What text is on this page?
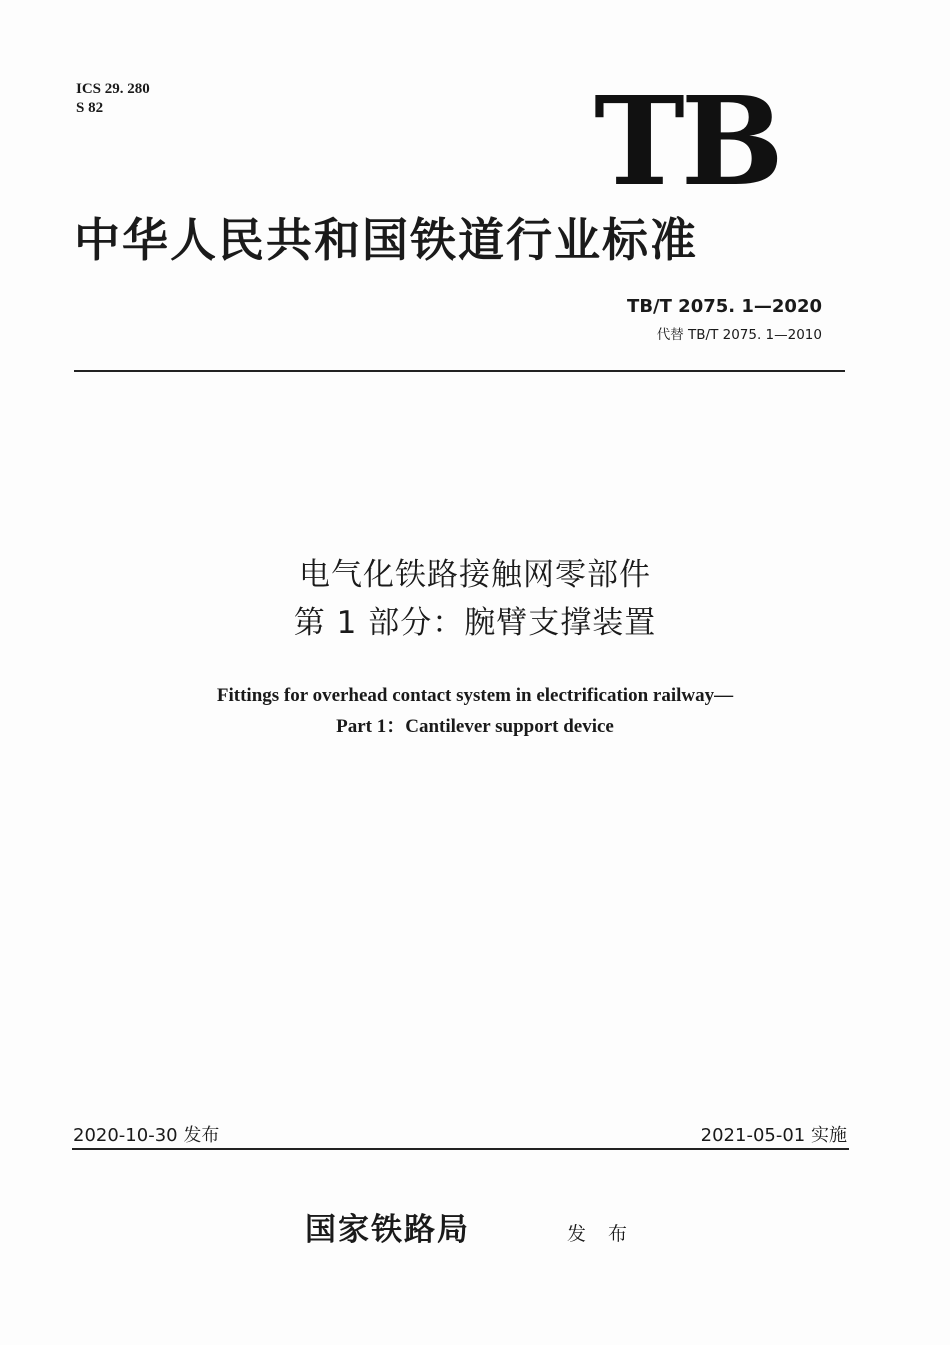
ICS 29. 280
S 82	TB
中华人民共和国铁道行业标准
TB/T 2075. 1—2020
代替 TB/T 2075. 1—2010
电气化铁路接触网零部件
第 1 部分：腕臂支撑装置
Fittings for overhead contact system in electrification railway—
Part 1：Cantilever support device
2020-10-30 发布	2021-05-01 实施
国家铁路局	发 布
